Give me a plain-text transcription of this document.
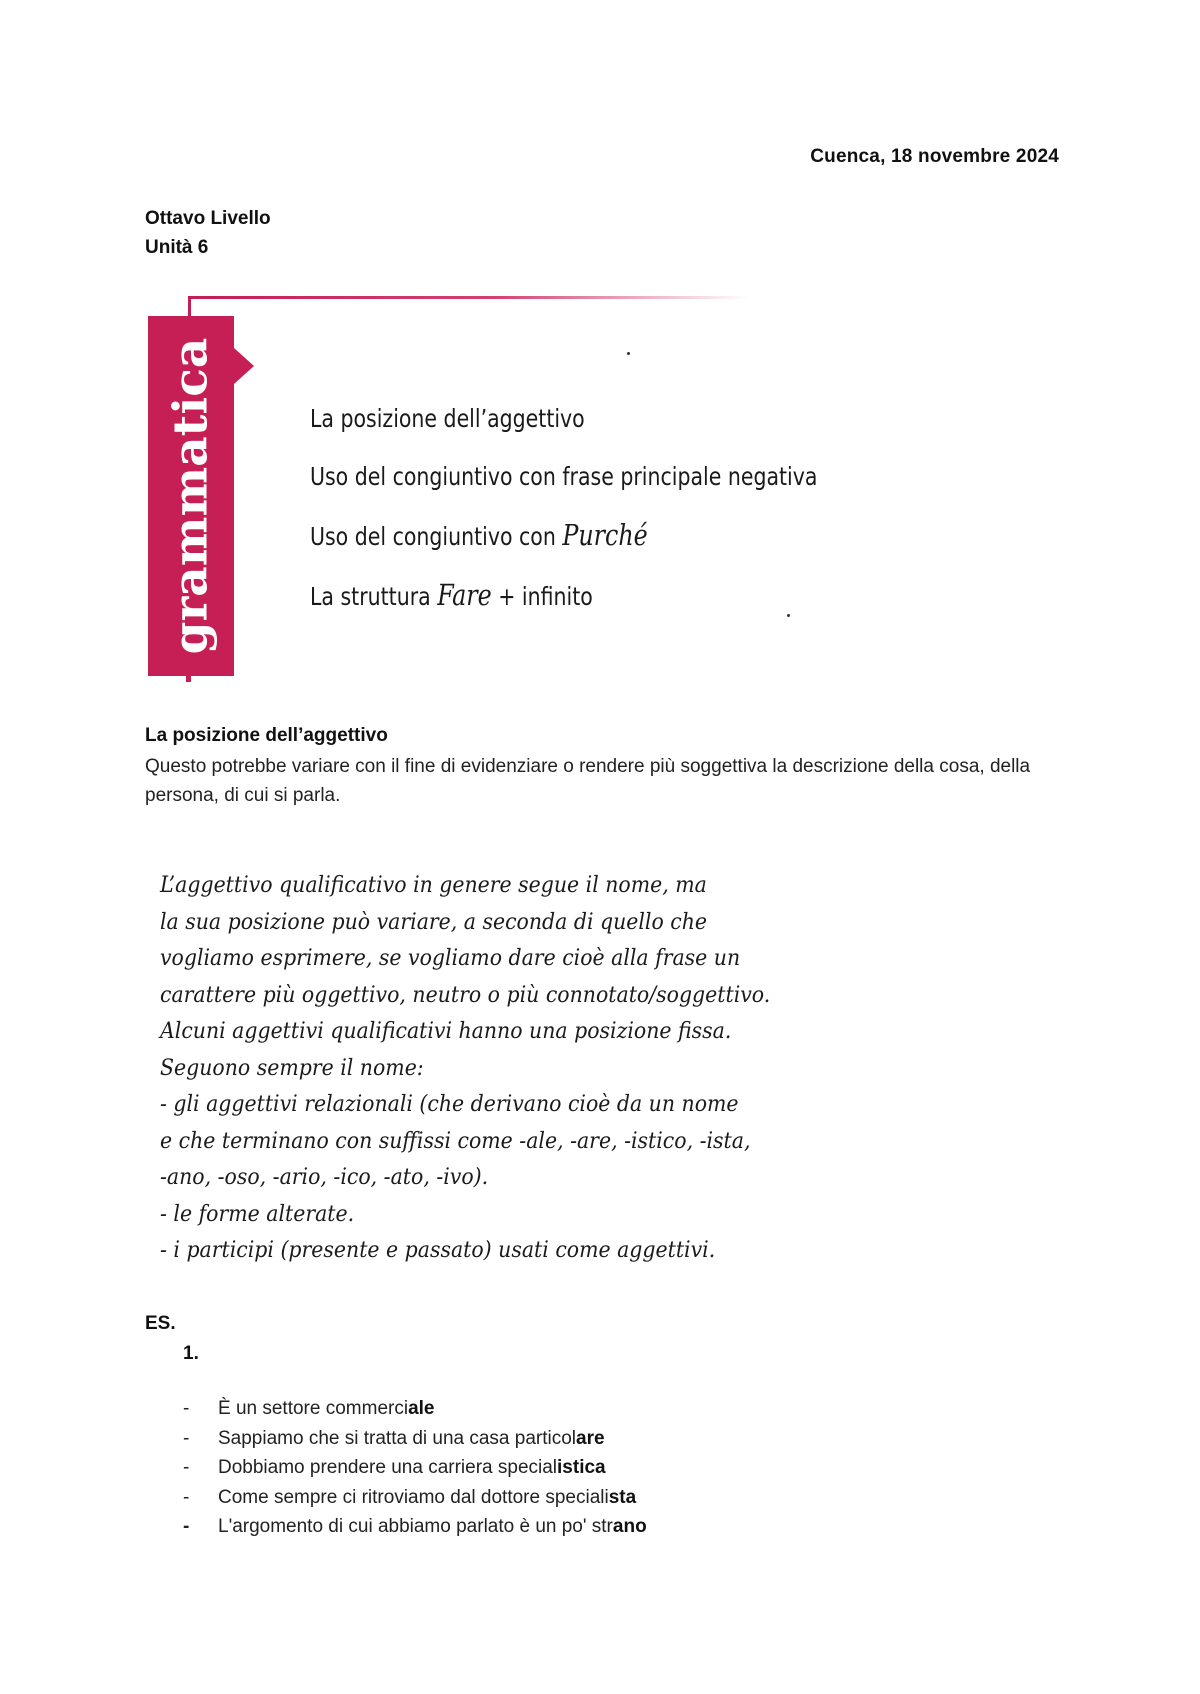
Cuenca, 18 novembre 2024
Ottavo Livello
Unità 6
grammatica	La posizione dell’aggettivo
Uso del congiuntivo con frase principale negativa
Uso del congiuntivo con Purché
La struttura Fare + infinito
La posizione dell’aggettivo
Questo potrebbe variare con il fine di evidenziare o rendere più soggettiva la descrizione della cosa, della persona, di cui si parla.
L’aggettivo qualificativo in genere segue il nome, ma
la sua posizione può variare, a seconda di quello che
vogliamo esprimere, se vogliamo dare cioè alla frase un
carattere più oggettivo, neutro o più connotato/soggettivo.
Alcuni aggettivi qualificativi hanno una posizione fissa.
Seguono sempre il nome:
- gli aggettivi relazionali (che derivano cioè da un nome
e che terminano con suffissi come -ale, -are, -istico, -ista,
-ano, -oso, -ario, -ico, -ato, -ivo).
- le forme alterate.
- i participi (presente e passato) usati come aggettivi.
ES.
1.
- È un settore commerciale
- Sappiamo che si tratta di una casa particolare
- Dobbiamo prendere una carriera specialistica
- Come sempre ci ritroviamo dal dottore specialista
- L'argomento di cui abbiamo parlato è un po' strano
